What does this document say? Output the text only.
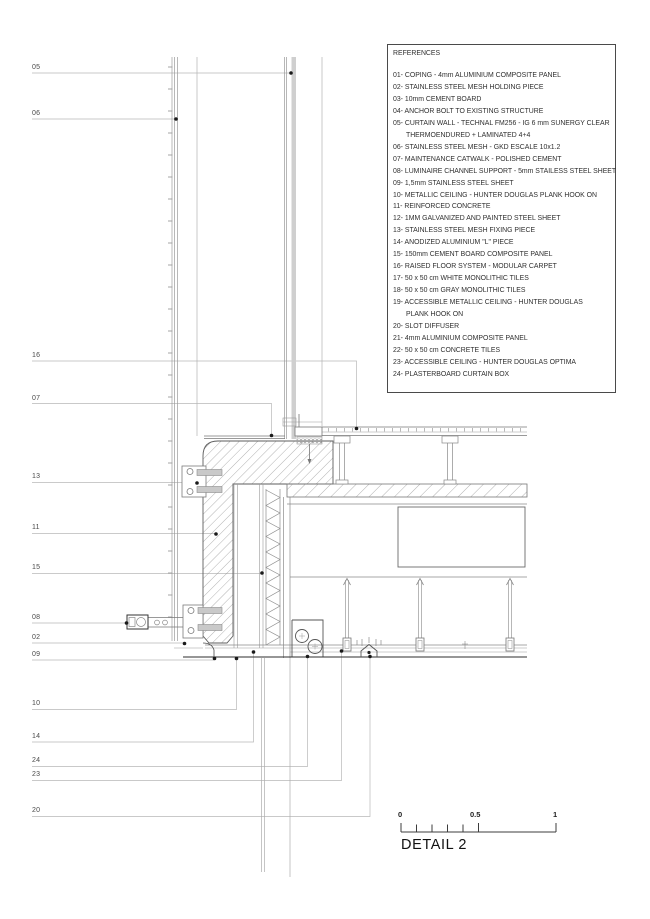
REFERENCES
01- COPING - 4mm ALUMINIUM COMPOSITE PANEL
02- STAINLESS STEEL MESH HOLDING PIECE
03- 10mm CEMENT BOARD
04- ANCHOR BOLT TO EXISTING STRUCTURE
05- CURTAIN WALL - TECHNAL FM256 - IG 6 mm SUNERGY CLEAR
THERMOENDURED + LAMINATED 4+4
06- STAINLESS STEEL MESH - GKD ESCALE 10x1.2
07- MAINTENANCE CATWALK - POLISHED CEMENT
08- LUMINAIRE CHANNEL SUPPORT - 5mm STAILESS STEEL SHEET
09- 1,5mm STAINLESS STEEL SHEET
10- METALLIC CEILING - HUNTER DOUGLAS PLANK HOOK ON
11- REINFORCED CONCRETE
12- 1MM GALVANIZED AND PAINTED STEEL SHEET
13- STAINLESS STEEL MESH FIXING PIECE
14- ANODIZED ALUMINIUM "L" PIECE
15- 150mm CEMENT BOARD COMPOSITE PANEL
16- RAISED FLOOR SYSTEM - MODULAR CARPET
17- 50 x 50 cm WHITE MONOLITHIC TILES
18- 50 x 50 cm GRAY MONOLITHIC TILES
19- ACCESSIBLE METALLIC CEILING - HUNTER DOUGLAS
PLANK HOOK ON
20- SLOT DIFFUSER
21- 4mm ALUMINIUM COMPOSITE PANEL
22- 50 x 50 cm CONCRETE TILES
23- ACCESSIBLE CEILING - HUNTER DOUGLAS OPTIMA
24- PLASTERBOARD CURTAIN BOX
05
06
16
07
13
11
15
08
02
09
10
14
24
23
20	0	0.5	1
DETAIL 2
